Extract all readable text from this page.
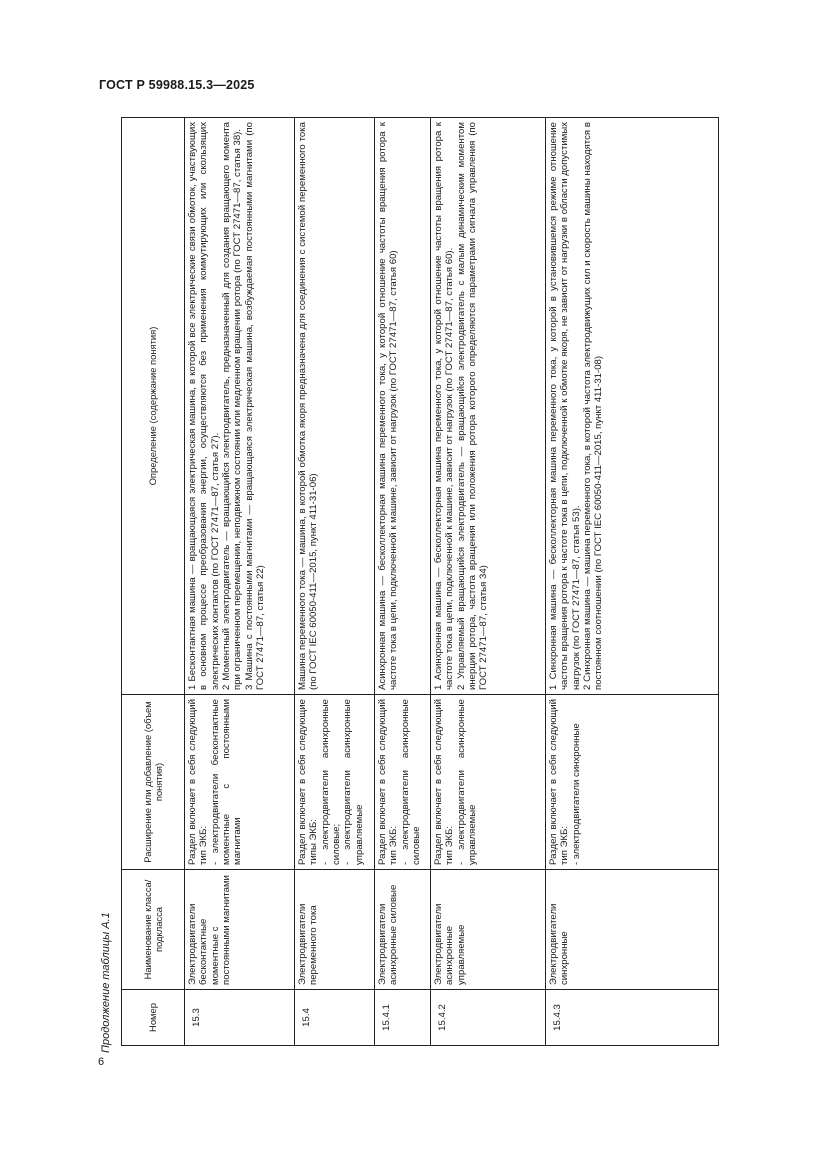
ГОСТ Р 59988.15.3—2025
Продолжение таблицы А.1
6
Номер	Наименование класса/ подкласса	Расширение или добавление (объем понятия)	Определение (содержание понятия)
15.3	Электродвигатели бесконтактные моментные с постоянными магнитами	Раздел включает в себя следующий тип ЭКБ: - электродвигатели бесконтактные моментные с постоянными магнитами	1 Бесконтактная машина — вращающаяся электрическая машина, в которой все электрические связи обмоток, участвующих в основном процессе преобразования энергии, осуществляются без применения коммутирующих или скользящих электрических контактов (по ГОСТ 27471—87, статья 27). 2 Моментный электродвигатель — вращающийся электродвигатель, предназначенный для создания вращающего момента при ограниченном перемещении, неподвижном состоянии или медленном вращении ротора (по ГОСТ 27471—87, статья 38). 3 Машина с постоянными магнитами — вращающаяся электрическая машина, возбуждаемая постоянными магнитами (по ГОСТ 27471—87, статья 22)

15.4	Электродвигатели переменного тока	Раздел включает в себя следующие типы ЭКБ: - электродвигатели асинхронные силовые; - электродвигатели асинхронные управляемые	Машина переменного тока — машина, в которой обмотка якоря предназначена для соединения с системой переменного тока (по ГОСТ IEC 60050-411—2015, пункт 411-31-06)

15.4.1	Электродвигатели асинхронные силовые	Раздел включает в себя следующий тип ЭКБ: - электродвигатели асинхронные силовые	Асинхронная машина — бесколлекторная машина переменного тока, у которой отношение частоты вращения ротора к частоте тока в цепи, подключенной к машине, зависит от нагрузок (по ГОСТ 27471—87, статья 60)

15.4.2	Электродвигатели асинхронные управляемые	Раздел включает в себя следующий тип ЭКБ: - электродвигатели асинхронные управляемые	1 Асинхронная машина — бесколлекторная машина переменного тока, у которой отношение частоты вращения ротора к частоте тока в цепи, подключенной к машине, зависит от нагрузок (по ГОСТ 27471—87, статья 60). 2 Управляемый вращающийся электродвигатель — вращающийся электродвигатель с малым динамическим моментом инерции ротора, частота вращения или положения ротора которого определяются параметрами сигнала управления (по ГОСТ 27471—87, статья 34)

15.4.3	Электродвигатели синхронные	Раздел включает в себя следующий тип ЭКБ: - электродвигатели синхронные	1 Синхронная машина — бесколлекторная машина переменного тока, у которой в установившемся режиме отношение частоты вращения ротора к частоте тока в цепи, подключенной к обмотке якоря, не зависит от нагрузки в области допустимых нагрузок (по ГОСТ 27471—87, статья 53). 2 Синхронная машина — машина переменного тока, в которой частота электродвижущих сил и скорость машины находятся в постоянном соотношении (по ГОСТ IEC 60050-411—2015, пункт 411-31-08)
